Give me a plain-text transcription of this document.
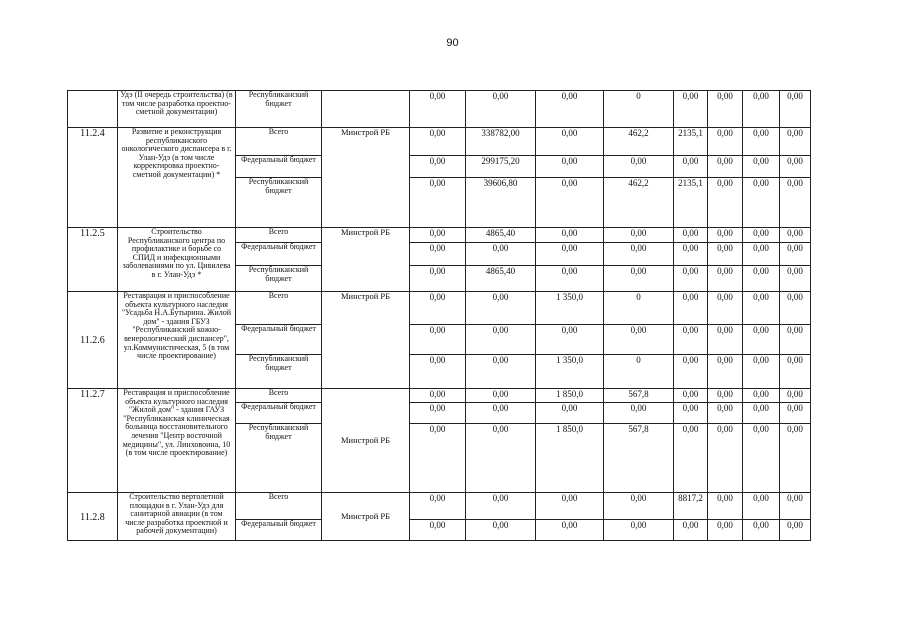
90
	Удэ (II очередь строительства) (в том числе разработка проектно-сметной документации)	Республиканский бюджет		0,00	0,00	0,00	0	0,00	0,00	0,00	0,00
11.2.4	Развитие и реконструкция республиканского онкологического диспансера в г. Улан-Удэ (в том числе корректировка проектно-сметной документации) *	Всего	Минстрой РБ	0,00	338782,00	0,00	462,2	2135,1	0,00	0,00	0,00
		Федеральный бюджет		0,00	299175,20	0,00	0,00	0,00	0,00	0,00	0,00
		Республиканский бюджет		0,00	39606,80	0,00	462,2	2135,1	0,00	0,00	0,00
11.2.5	Строительство Республиканского центра по профилактике и борьбе со СПИД и инфекционными заболеваниями по ул. Цивилева в г. Улан-Удэ *	Всего	Минстрой РБ	0,00	4865,40	0,00	0,00	0,00	0,00	0,00	0,00
		Федеральный бюджет		0,00	0,00	0,00	0,00	0,00	0,00	0,00	0,00
		Республиканский бюджет		0,00	4865,40	0,00	0,00	0,00	0,00	0,00	0,00
11.2.6	Реставрация и приспособление объекта культурного наследия "Усадьба Н.А.Бутырина. Жилой дом" - здания ГБУЗ "Республиканский кожно-венерологический диспансер", ул.Коммунистическая, 5 (в том числе проектирование)	Всего	Минстрой РБ	0,00	0,00	1 350,0	0	0,00	0,00	0,00	0,00
		Федеральный бюджет		0,00	0,00	0,00	0,00	0,00	0,00	0,00	0,00
		Республиканский бюджет		0,00	0,00	1 350,0	0	0,00	0,00	0,00	0,00
11.2.7	Реставрация и приспособление объекта культурного наследия "Жилой дом" - здания ГАУЗ "Республиканская клиническая больница восстановительного лечения "Центр восточной медицины", ул. Линховоина, 10 (в том числе проектирование)	Всего	Минстрой РБ	0,00	0,00	1 850,0	567,8	0,00	0,00	0,00	0,00
		Федеральный бюджет		0,00	0,00	0,00	0,00	0,00	0,00	0,00	0,00
		Республиканский бюджет		0,00	0,00	1 850,0	567,8	0,00	0,00	0,00	0,00
11.2.8	Строительство вертолетной площадки в г. Улан-Удэ для санитарной авиации (в том числе разработка проектной и рабочей документации)	Всего	Минстрой РБ	0,00	0,00	0,00	0,00	8817,2	0,00	0,00	0,00
		Федеральный бюджет		0,00	0,00	0,00	0,00	0,00	0,00	0,00	0,00
